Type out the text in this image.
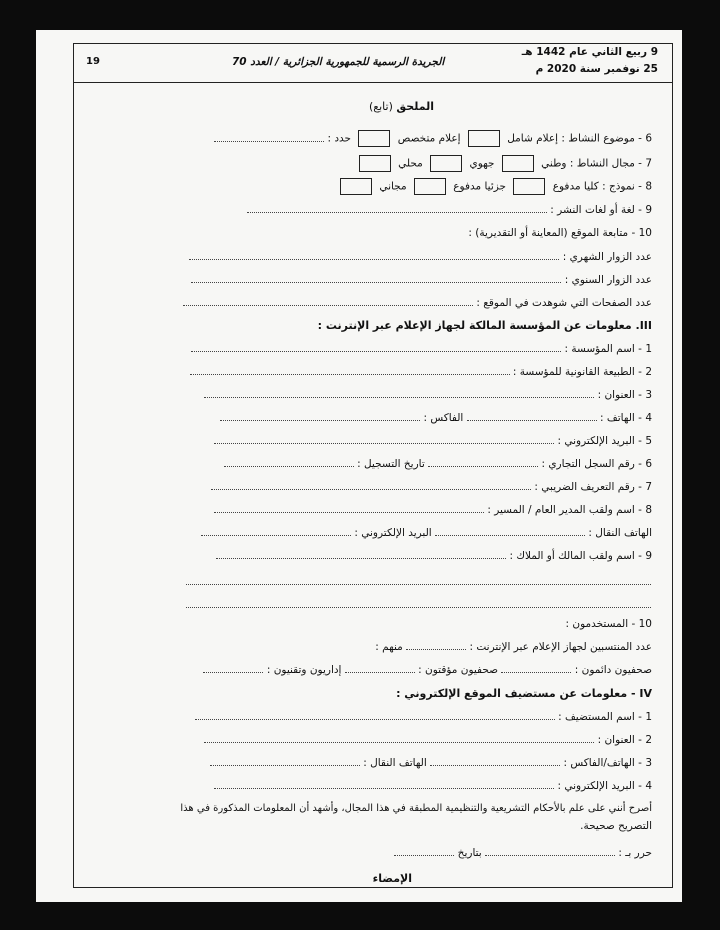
19	الجريدة الرسمية للجمهورية الجزائرية / العدد 70
9 ربيع الثاني عام 1442 هـ
25 نوفمبر سنة 2020 م
الملحق (تابع)
6 - موضوع النشاط : إعلام شامل  إعلام متخصص  حدد :
7 - مجال النشاط : وطني  جهوي  محلي
8 - نموذج : كليا مدفوع  جزئيا مدفوع  مجاني
9 - لغة أو لغات النشر :
10 - متابعة الموقع (المعاينة أو التقديرية) :
عدد الزوار الشهري :
عدد الزوار السنوي :
عدد الصفحات التي شوهدت في الموقع :
III. معلومات عن المؤسسة المالكة لجهاز الإعلام عبر الإنترنت :
1 - اسم المؤسسة :
2 - الطبيعة القانونية للمؤسسة :
3 - العنوان :
4 - الهاتف :  الفاكس :
5 - البريد الإلكتروني :
6 - رقم السجل التجاري :  تاريخ التسجيل :
7 - رقم التعريف الضريبي :
8 - اسم ولقب المدير العام / المسير :
الهاتف النقال :  البريد الإلكتروني :
9 - اسم ولقب المالك أو الملاك :
10 - المستخدمون :
عدد المنتسبين لجهاز الإعلام عبر الإنترنت :  منهم :
صحفيون دائمون :  صحفيون مؤقتون :  إداريون وتقنيون :
IV - معلومات عن مستضيف الموقع الإلكتروني :
1 - اسم المستضيف :
2 - العنوان :
3 - الهاتف/الفاكس :  الهاتف النقال :
4 - البريد الإلكتروني :
أصرح أنني على علم بالأحكام التشريعية والتنظيمية المطبقة في هذا المجال، وأشهد أن المعلومات المذكورة في هذا
التصريح صحيحة.
حرر بـ :  بتاريخ
الإمضاء
